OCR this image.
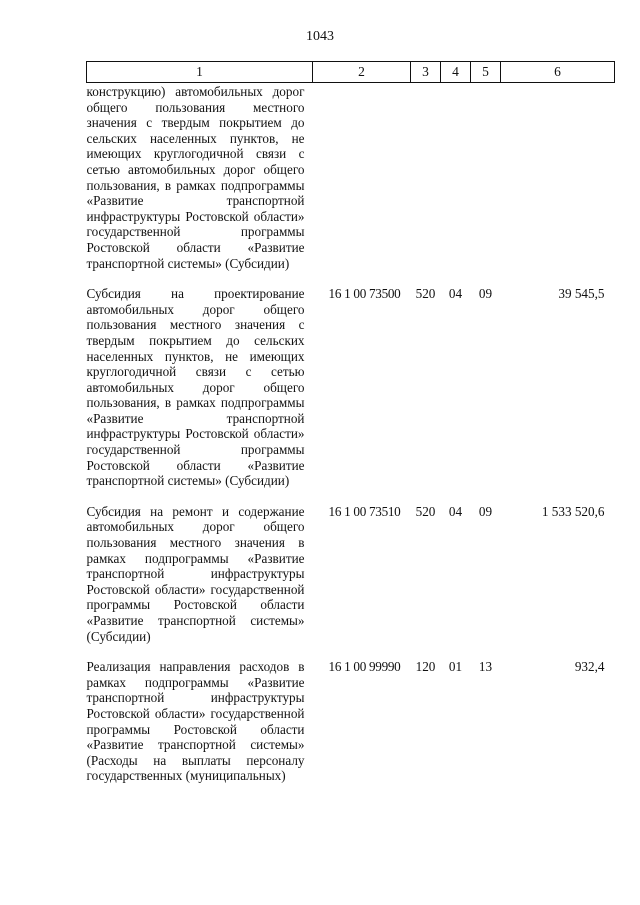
1043
1	2	3	4	5	6
конструкцию) автомобильных дорог общего пользования местного значения с твердым покрытием до сельских населенных пунктов, не имеющих круглогодичной связи с сетью автомобильных дорог общего пользования, в рамках подпрограммы «Развитие транспортной инфраструктуры Ростовской области» государственной программы Ростовской области «Развитие транспортной системы» (Субсидии)					
Субсидия на проектирование автомобильных дорог общего пользования местного значения с твердым покрытием до сельских населенных пунктов, не имеющих круглогодичной связи с сетью автомобильных дорог общего пользования, в рамках подпрограммы «Развитие транспортной инфраструктуры Ростовской области» государственной программы Ростовской области «Развитие транспортной системы» (Субсидии)	16 1 00 73500	520	04	09	39 545,5
Субсидия на ремонт и содержание автомобильных дорог общего пользования местного значения в рамках подпрограммы «Развитие транспортной инфраструктуры Ростовской области» государственной программы Ростовской области «Развитие транспортной системы» (Субсидии)	16 1 00 73510	520	04	09	1 533 520,6
Реализация направления расходов в рамках подпрограммы «Развитие транспортной инфраструктуры Ростовской области» государственной программы Ростовской области «Развитие транспортной системы» (Расходы на выплаты персоналу государственных (муниципальных)	16 1 00 99990	120	01	13	932,4
